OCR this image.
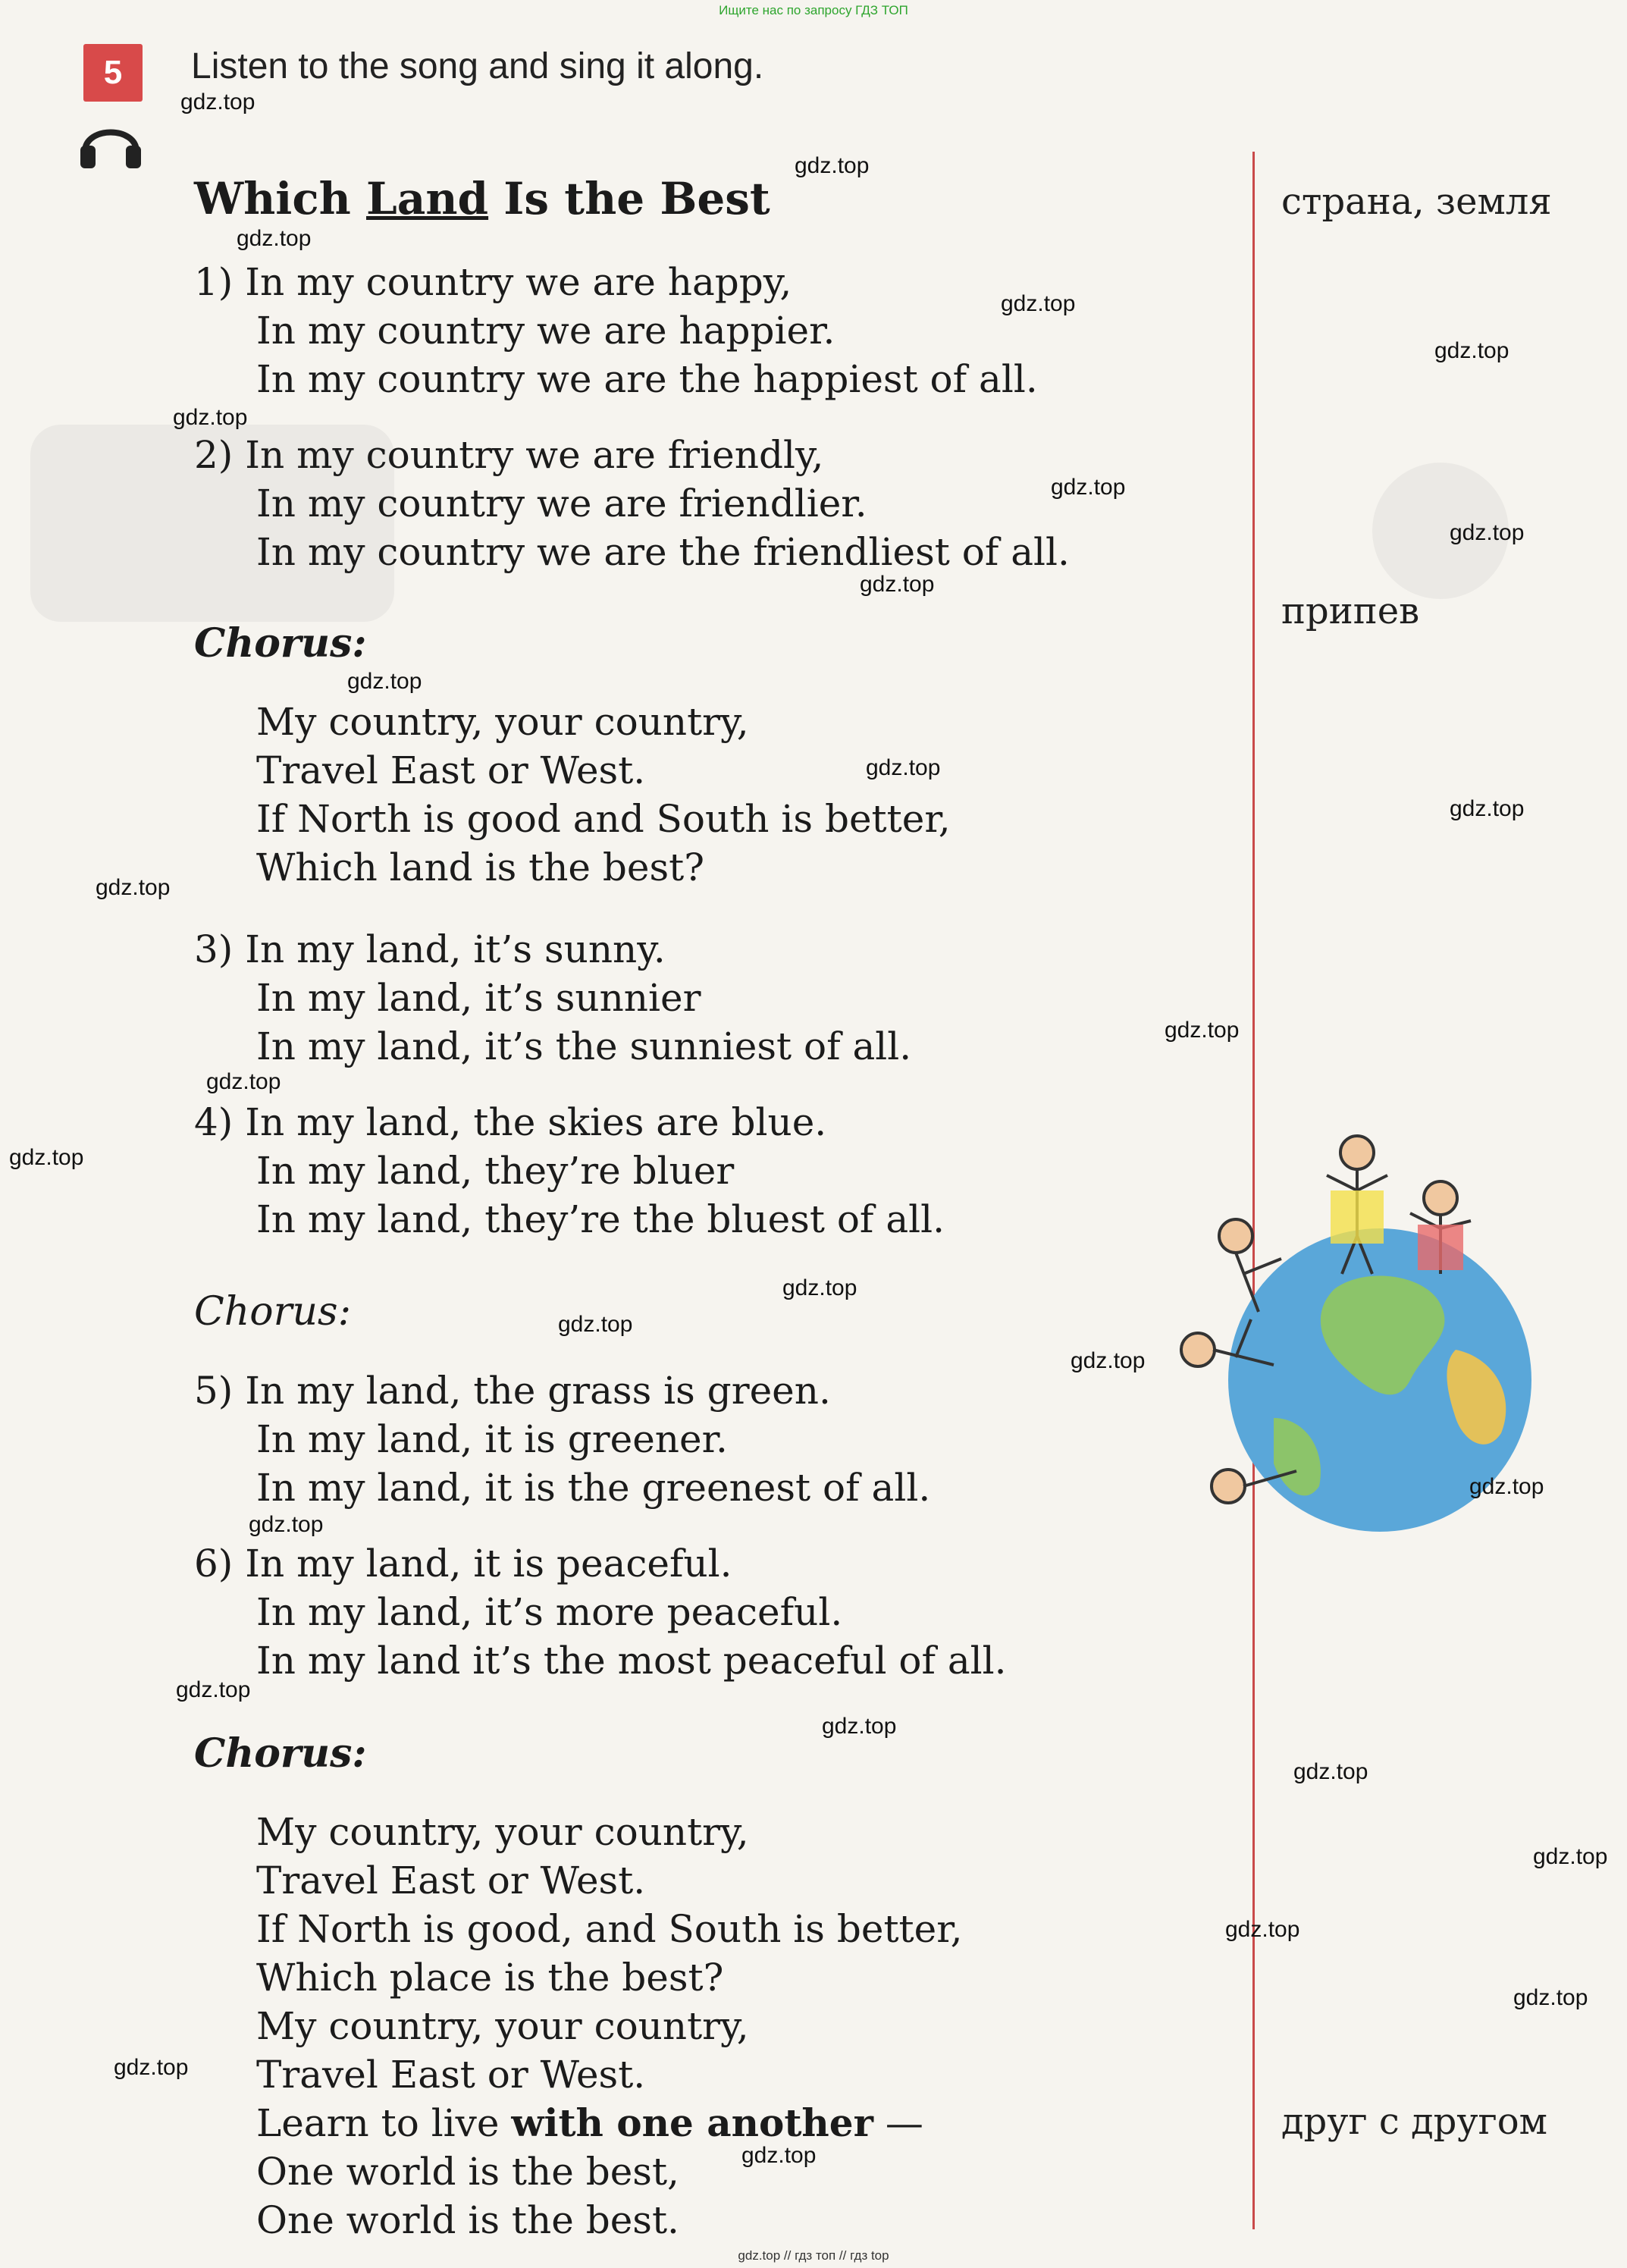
Ищите нас по запросу ГДЗ ТОП
5	Listen to the song and sing it along.
Which Land Is the Best	страна, земля
1) In my country we are happy,
In my country we are happier.
In my country we are the happiest of all.
2) In my country we are friendly,
In my country we are friendlier.
In my country we are the friendliest of all.
Chorus:
припев
My country, your country,
Travel East or West.
If North is good and South is better,
Which land is the best?
3) In my land, it’s sunny.
In my land, it’s sunnier
In my land, it’s the sunniest of all.
4) In my land, the skies are blue.
In my land, they’re bluer
In my land, they’re the bluest of all.
Chorus:
5) In my land, the grass is green.
In my land, it is greener.
In my land, it is the greenest of all.
6) In my land, it is peaceful.
In my land, it’s more peaceful.
In my land it’s the most peaceful of all.
Chorus:
My country, your country,
Travel East or West.
If North is good, and South is better,
Which place is the best?
My country, your country,
Travel East or West.
Learn to live with one another —
One world is the best,
One world is the best.
друг с другом
gdz.top
gdz.top
gdz.top
gdz.top
gdz.top
gdz.top
gdz.top
gdz.top
gdz.top
gdz.top
gdz.top
gdz.top
gdz.top
gdz.top
gdz.top
gdz.top
gdz.top
gdz.top
gdz.top
gdz.top
gdz.top
gdz.top
gdz.top
gdz.top
gdz.top
gdz.top
gdz.top
gdz.top
gdz.top
gdz.top // гдз топ // гдз top
